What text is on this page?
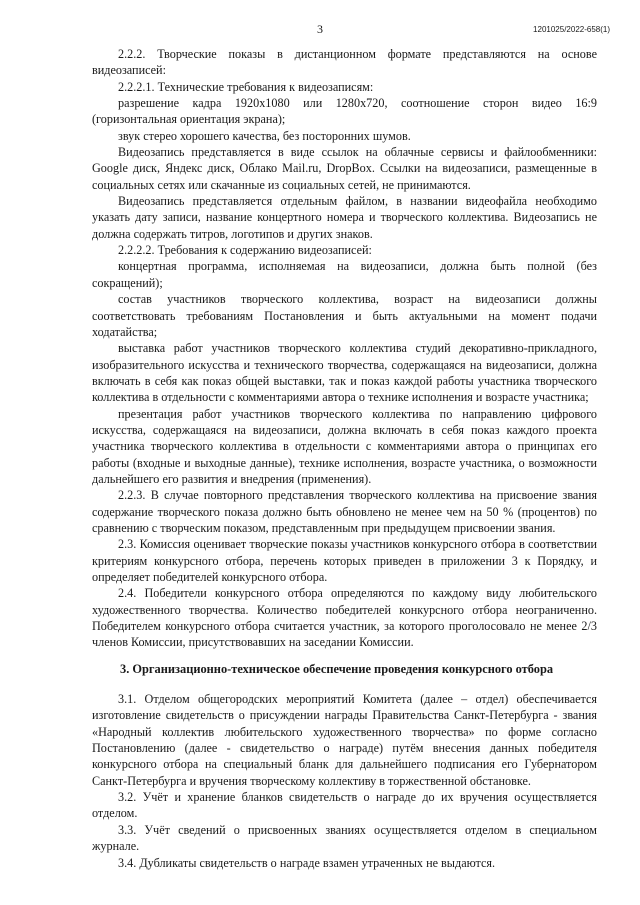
3	1201025/2022-658(1)

2.2.2. Творческие показы в дистанционном формате представляются на основе видеозаписей:

2.2.2.1. Технические требования к видеозаписям:

разрешение кадра 1920х1080 или 1280х720, соотношение сторон видео 16:9 (горизонтальная ориентация экрана);

звук стерео хорошего качества, без посторонних шумов.

Видеозапись представляется в виде ссылок на облачные сервисы и файлообменники: Google диск, Яндекс диск, Облако Mail.ru, DropBox. Ссылки на видеозаписи, размещенные в социальных сетях или скачанные из социальных сетей, не принимаются.

Видеозапись представляется отдельным файлом, в названии видеофайла необходимо указать дату записи, название концертного номера и творческого коллектива. Видеозапись не должна содержать титров, логотипов и других знаков.

2.2.2.2. Требования к содержанию видеозаписей:

концертная программа, исполняемая на видеозаписи, должна быть полной (без сокращений);

состав участников творческого коллектива, возраст на видеозаписи должны соответствовать требованиям Постановления и быть актуальными на момент подачи ходатайства;

выставка работ участников творческого коллектива студий декоративно-прикладного, изобразительного искусства и технического творчества, содержащаяся на видеозаписи, должна включать в себя как показ общей выставки, так и показ каждой работы участника творческого коллектива в отдельности с комментариями автора о технике исполнения и возрасте участника;

презентация работ участников творческого коллектива по направлению цифрового искусства, содержащаяся на видеозаписи, должна включать в себя показ каждого проекта участника творческого коллектива в отдельности с комментариями автора о принципах его работы (входные и выходные данные), технике исполнения, возрасте участника, о возможности дальнейшего его развития и внедрения (применения).

2.2.3. В случае повторного представления творческого коллектива на присвоение звания содержание творческого показа должно быть обновлено не менее чем на 50 % (процентов) по сравнению с творческим показом, представленным при предыдущем присвоении звания.

2.3. Комиссия оценивает творческие показы участников конкурсного отбора в соответствии критериям конкурсного отбора, перечень которых приведен в приложении 3 к Порядку, и определяет победителей конкурсного отбора.

2.4. Победители конкурсного отбора определяются по каждому виду любительского художественного творчества. Количество победителей конкурсного отбора неограниченно. Победителем конкурсного отбора считается участник, за которого проголосовало не менее 2/3 членов Комиссии, присутствовавших на заседании Комиссии.

3. Организационно-техническое обеспечение проведения конкурсного отбора

3.1. Отделом общегородских мероприятий Комитета (далее – отдел) обеспечивается изготовление свидетельств о присуждении награды Правительства Санкт-Петербурга - звания «Народный коллектив любительского художественного творчества» по форме согласно Постановлению (далее - свидетельство о награде) путём внесения данных победителя конкурсного отбора на специальный бланк для дальнейшего подписания его Губернатором Санкт-Петербурга и вручения творческому коллективу в торжественной обстановке.

3.2. Учёт и хранение бланков свидетельств о награде до их вручения осуществляется отделом.

3.3. Учёт сведений о присвоенных званиях осуществляется отделом в специальном журнале.

3.4. Дубликаты свидетельств о награде взамен утраченных не выдаются.
